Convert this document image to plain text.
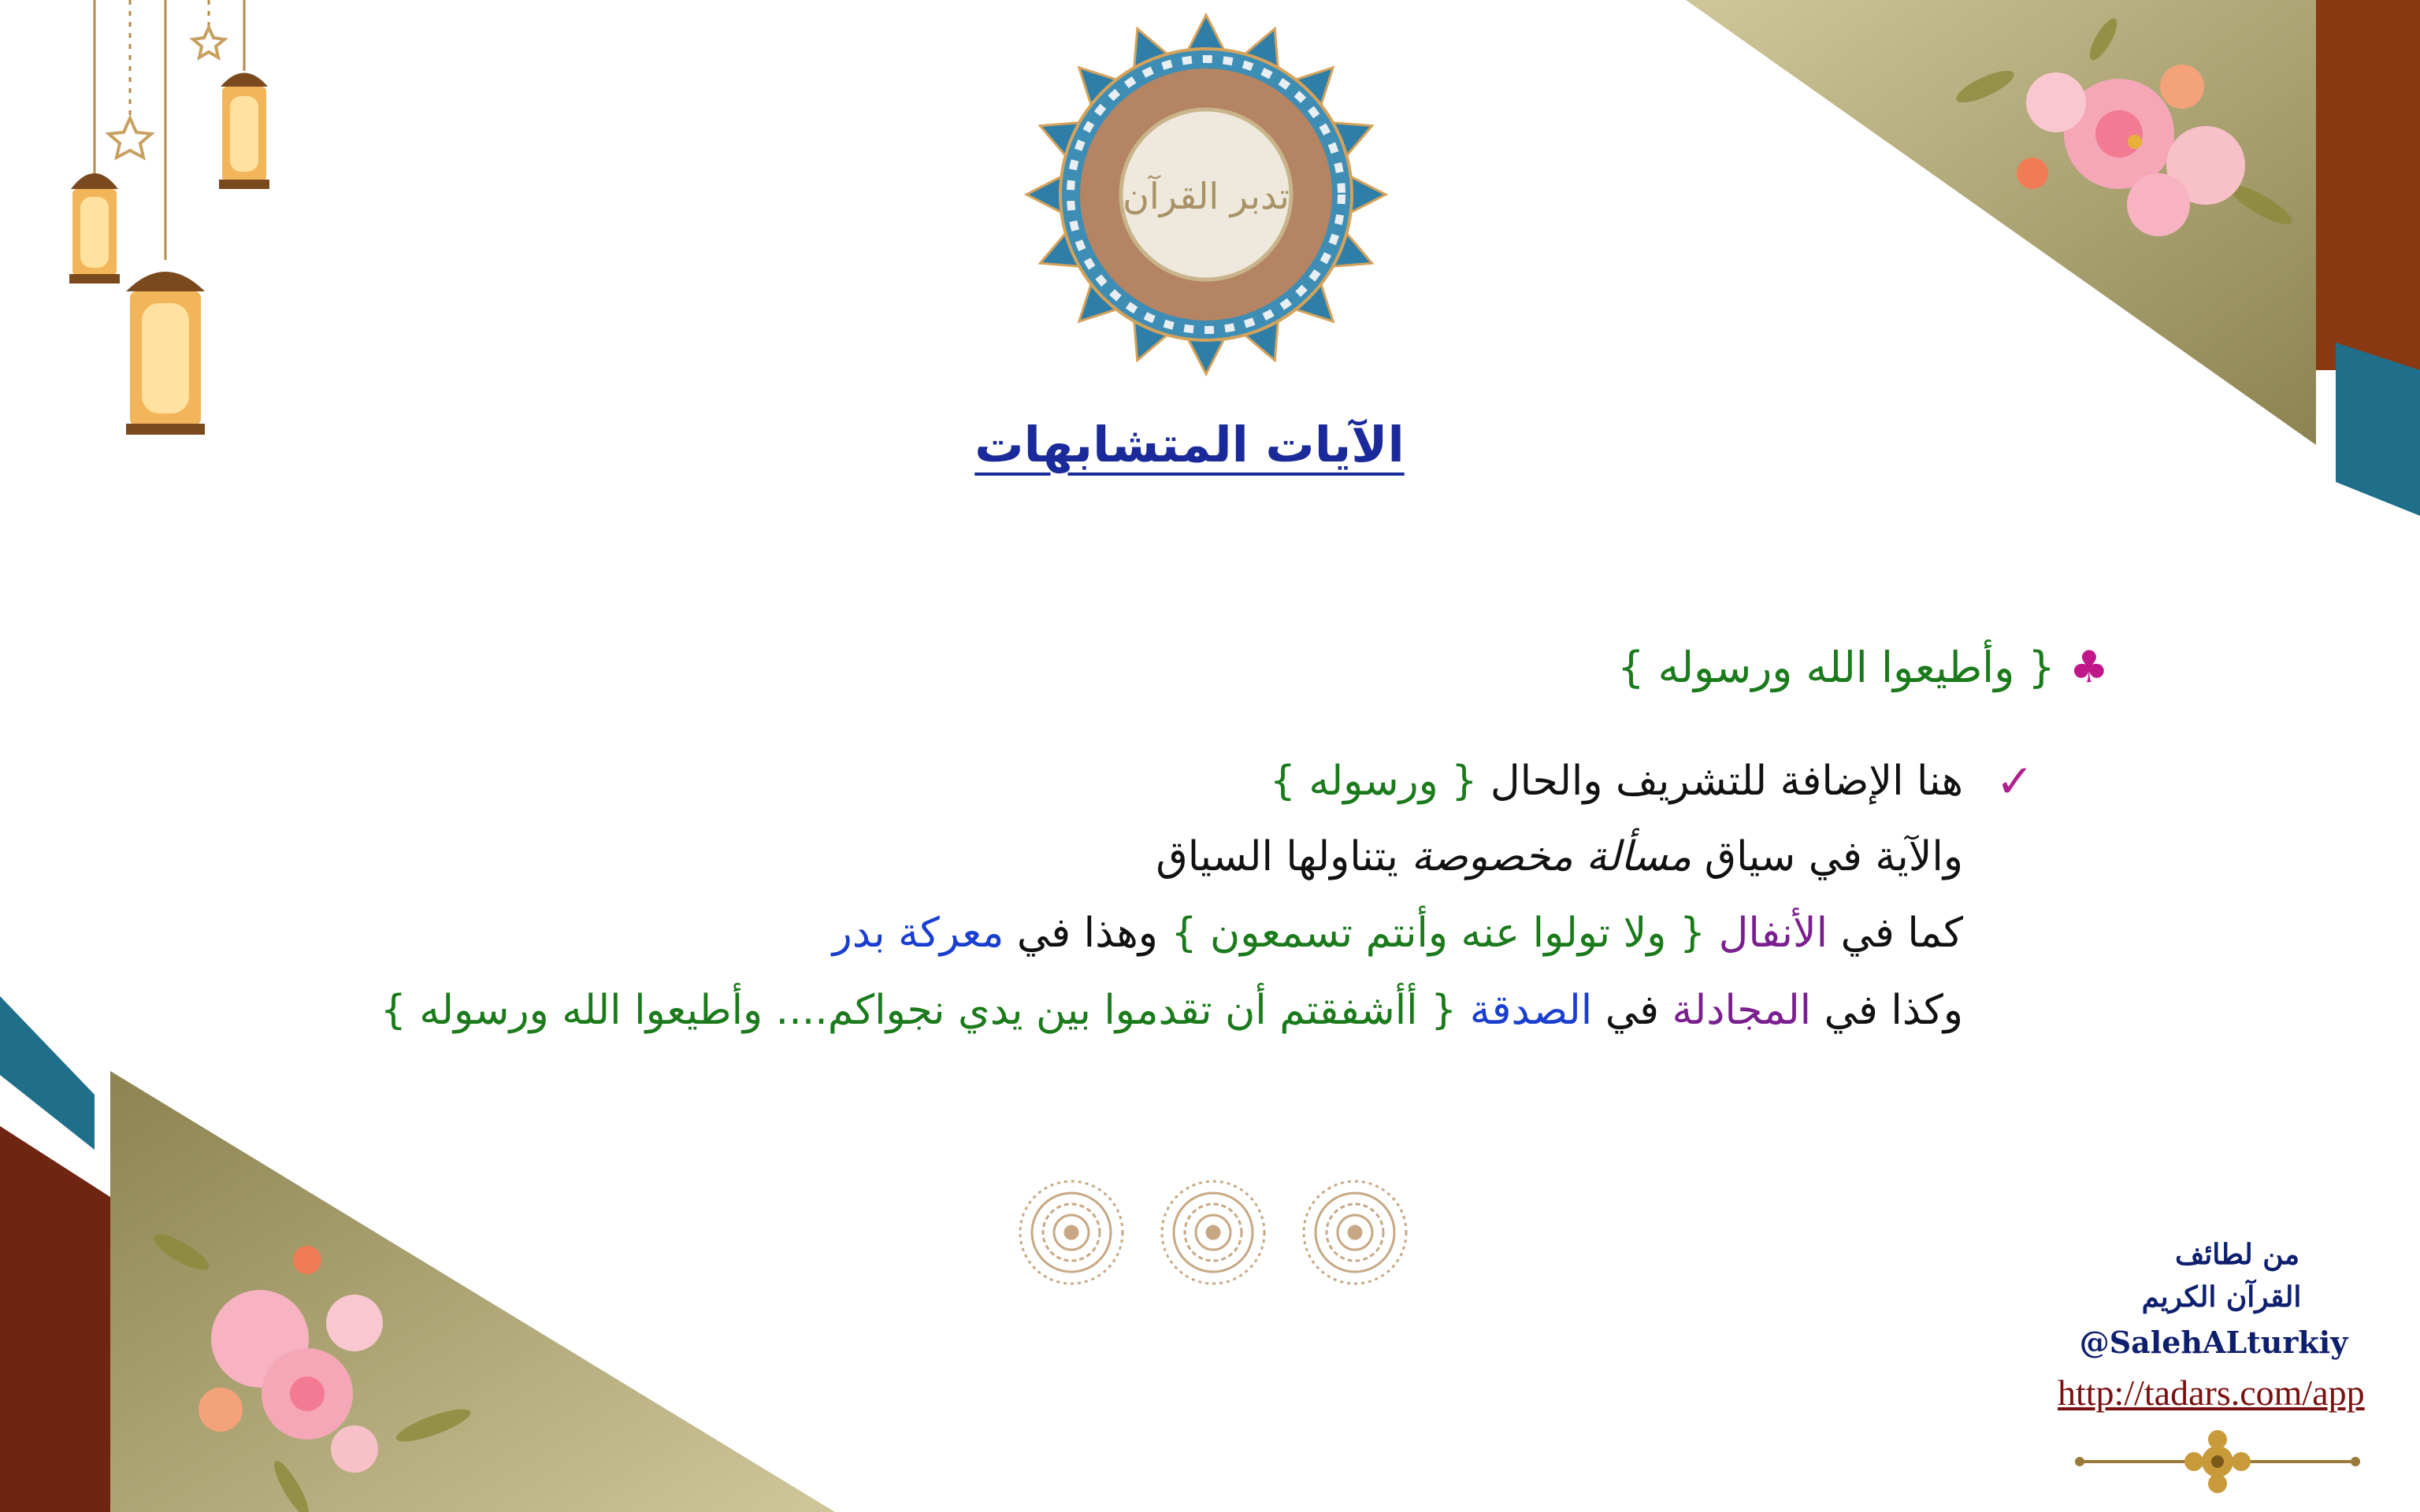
تدبر القرآن
الآيات المتشابهات
♣{ وأطيعوا الله ورسوله }
✓
هنا الإضافة للتشريف والحال { ورسوله }
والآية في سياق مسألة مخصوصة يتناولها السياق
كما في الأنفال { ولا تولوا عنه وأنتم تسمعون } وهذا في معركة بدر
وكذا في المجادلة في الصدقة { أأشفقتم أن تقدموا بين يدي نجواكم.... وأطيعوا الله ورسوله }
من لطائف
القرآن الكريم
@SalehALturkiy
http://tadars.com/app
